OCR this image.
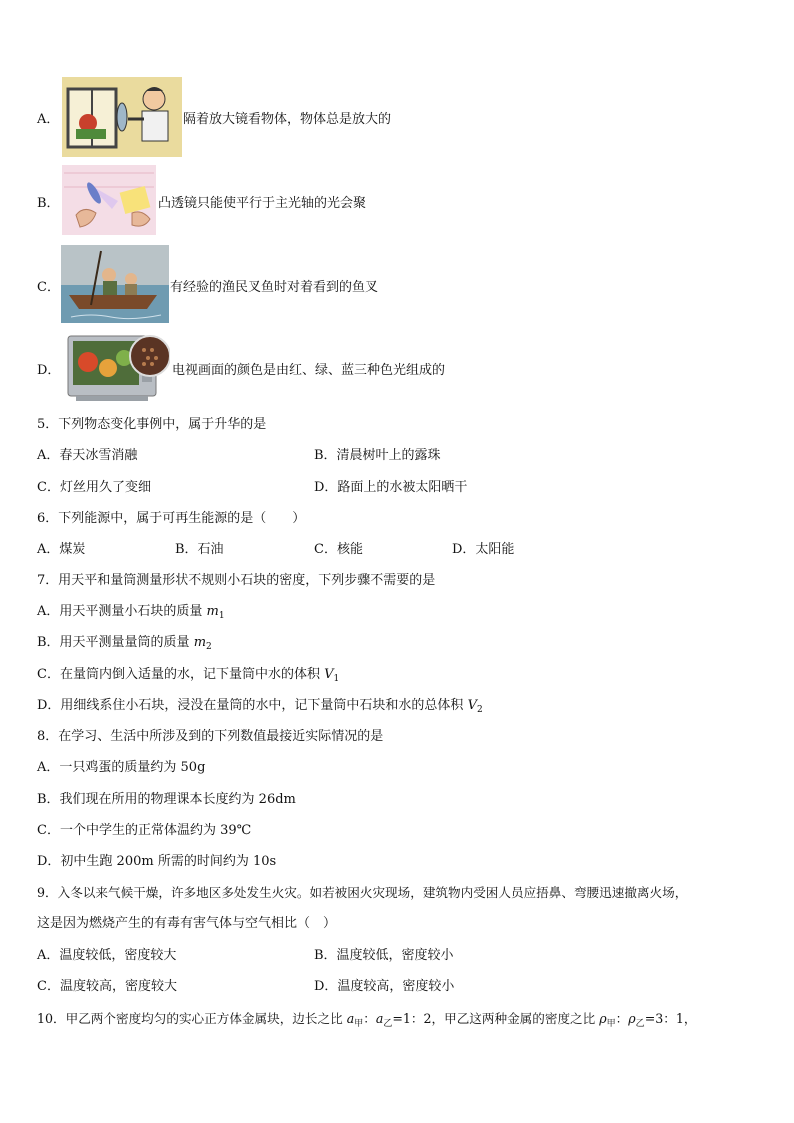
A．	隔着放大镜看物体，物体总是放大的
B．	凸透镜只能使平行于主光轴的光会聚
C．	有经验的渔民叉鱼时对着看到的鱼叉
D．	电视画面的颜色是由红、绿、蓝三种色光组成的
5．下列物态变化事例中，属于升华的是
A．春天冰雪消融	B．清晨树叶上的露珠
C．灯丝用久了变细	D．路面上的水被太阳晒干
6．下列能源中，属于可再生能源的是（　　）
A．煤炭	B．石油	C．核能	D．太阳能
7．用天平和量筒测量形状不规则小石块的密度，下列步骤不需要的是
A．用天平测量小石块的质量 $m_1$
B．用天平测量量筒的质量 $m_2$
C．在量筒内倒入适量的水，记下量筒中水的体积 $V_1$
D．用细线系住小石块，浸没在量筒的水中，记下量筒中石块和水的总体积 $V_2$
8．在学习、生活中所涉及到的下列数值最接近实际情况的是
A．一只鸡蛋的质量约为 50g
B．我们现在所用的物理课本长度约为 26dm
C．一个中学生的正常体温约为 39℃
D．初中生跑 200m 所需的时间约为 10s
9．入冬以来气候干燥，许多地区多处发生火灾。如若被困火灾现场，建筑物内受困人员应捂鼻、弯腰迅速撤离火场，
这是因为燃烧产生的有毒有害气体与空气相比（　）
A．温度较低，密度较大	B．温度较低，密度较小
C．温度较高，密度较大	D．温度较高，密度较小
10．甲乙两个密度均匀的实心正方体金属块，边长之比 $a_甲$：$a_乙=1$：2，甲乙这两种金属的密度之比 $\rho_甲$：$\rho_乙=3$：1，
